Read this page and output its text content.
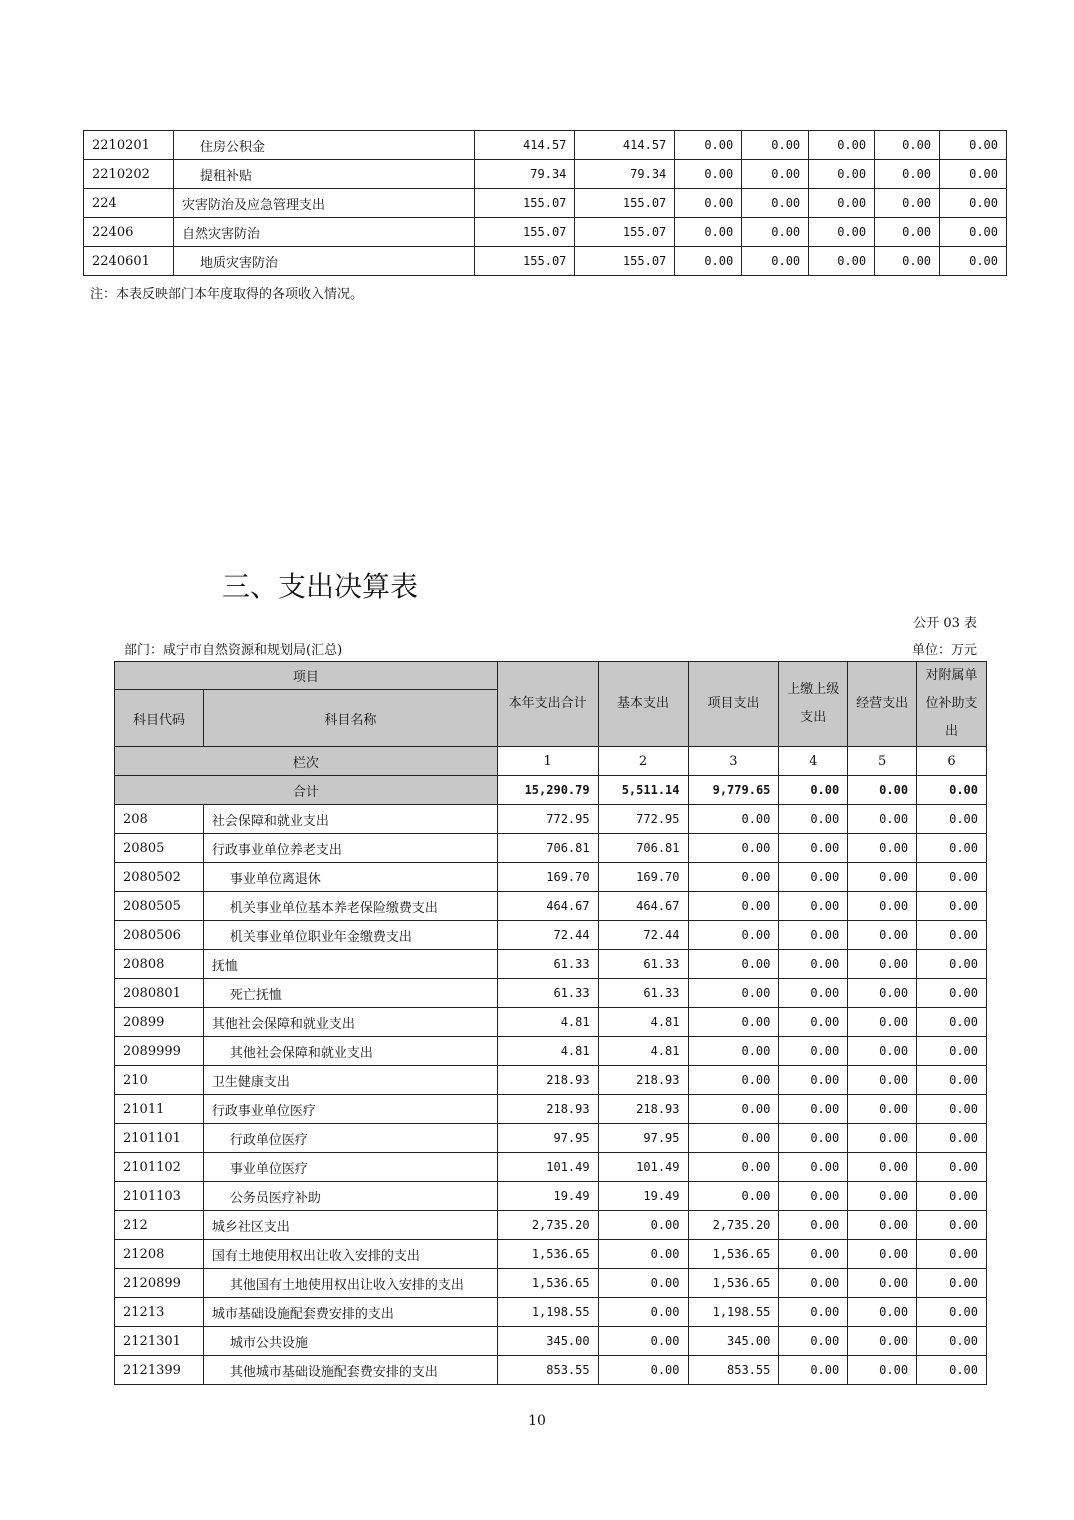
2210201	住房公积金	414.57	414.57	0.00	0.00	0.00	0.00	0.00
2210202	提租补贴	79.34	79.34	0.00	0.00	0.00	0.00	0.00
224	灾害防治及应急管理支出	155.07	155.07	0.00	0.00	0.00	0.00	0.00
22406	自然灾害防治	155.07	155.07	0.00	0.00	0.00	0.00	0.00
2240601	地质灾害防治	155.07	155.07	0.00	0.00	0.00	0.00	0.00
注：本表反映部门本年度取得的各项收入情况。
三、支出决算表
公开 03 表
部门：咸宁市自然资源和规划局(汇总)	单位：万元
项目		本年支出合计	基本支出	项目支出	上缴上级支出	经营支出	对附属单位补助支出
科目代码	科目名称						
栏次		1	2	3	4	5	6
合计		15,290.79	5,511.14	9,779.65	0.00	0.00	0.00
208	社会保障和就业支出	772.95	772.95	0.00	0.00	0.00	0.00
20805	行政事业单位养老支出	706.81	706.81	0.00	0.00	0.00	0.00
2080502	事业单位离退休	169.70	169.70	0.00	0.00	0.00	0.00
2080505	机关事业单位基本养老保险缴费支出	464.67	464.67	0.00	0.00	0.00	0.00
2080506	机关事业单位职业年金缴费支出	72.44	72.44	0.00	0.00	0.00	0.00
20808	抚恤	61.33	61.33	0.00	0.00	0.00	0.00
2080801	死亡抚恤	61.33	61.33	0.00	0.00	0.00	0.00
20899	其他社会保障和就业支出	4.81	4.81	0.00	0.00	0.00	0.00
2089999	其他社会保障和就业支出	4.81	4.81	0.00	0.00	0.00	0.00
210	卫生健康支出	218.93	218.93	0.00	0.00	0.00	0.00
21011	行政事业单位医疗	218.93	218.93	0.00	0.00	0.00	0.00
2101101	行政单位医疗	97.95	97.95	0.00	0.00	0.00	0.00
2101102	事业单位医疗	101.49	101.49	0.00	0.00	0.00	0.00
2101103	公务员医疗补助	19.49	19.49	0.00	0.00	0.00	0.00
212	城乡社区支出	2,735.20	0.00	2,735.20	0.00	0.00	0.00
21208	国有土地使用权出让收入安排的支出	1,536.65	0.00	1,536.65	0.00	0.00	0.00
2120899	其他国有土地使用权出让收入安排的支出	1,536.65	0.00	1,536.65	0.00	0.00	0.00
21213	城市基础设施配套费安排的支出	1,198.55	0.00	1,198.55	0.00	0.00	0.00
2121301	城市公共设施	345.00	0.00	345.00	0.00	0.00	0.00
2121399	其他城市基础设施配套费安排的支出	853.55	0.00	853.55	0.00	0.00	0.00
10
